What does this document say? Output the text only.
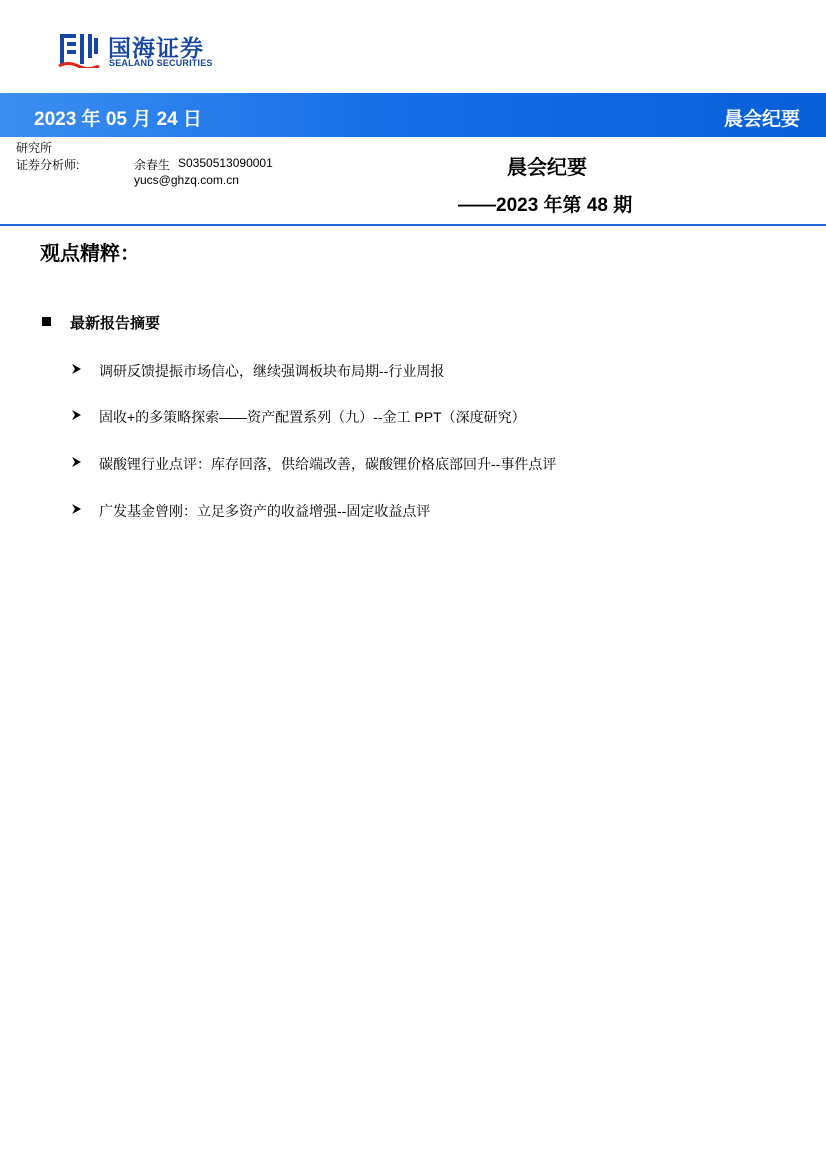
国海证券
SEALAND SECURITIES
2023 年 05 月 24 日	晨会纪要
研究所
证券分析师:	余春生 S0350513090001
yucs@ghzq.com.cn
晨会纪要
——2023 年第 48 期
观点精粹：
最新报告摘要
调研反馈提振市场信心，继续强调板块布局期--行业周报
固收+的多策略探索——资产配置系列（九）--金工 PPT（深度研究）
碳酸锂行业点评：库存回落，供给端改善，碳酸锂价格底部回升--事件点评
广发基金曾刚：立足多资产的收益增强--固定收益点评
